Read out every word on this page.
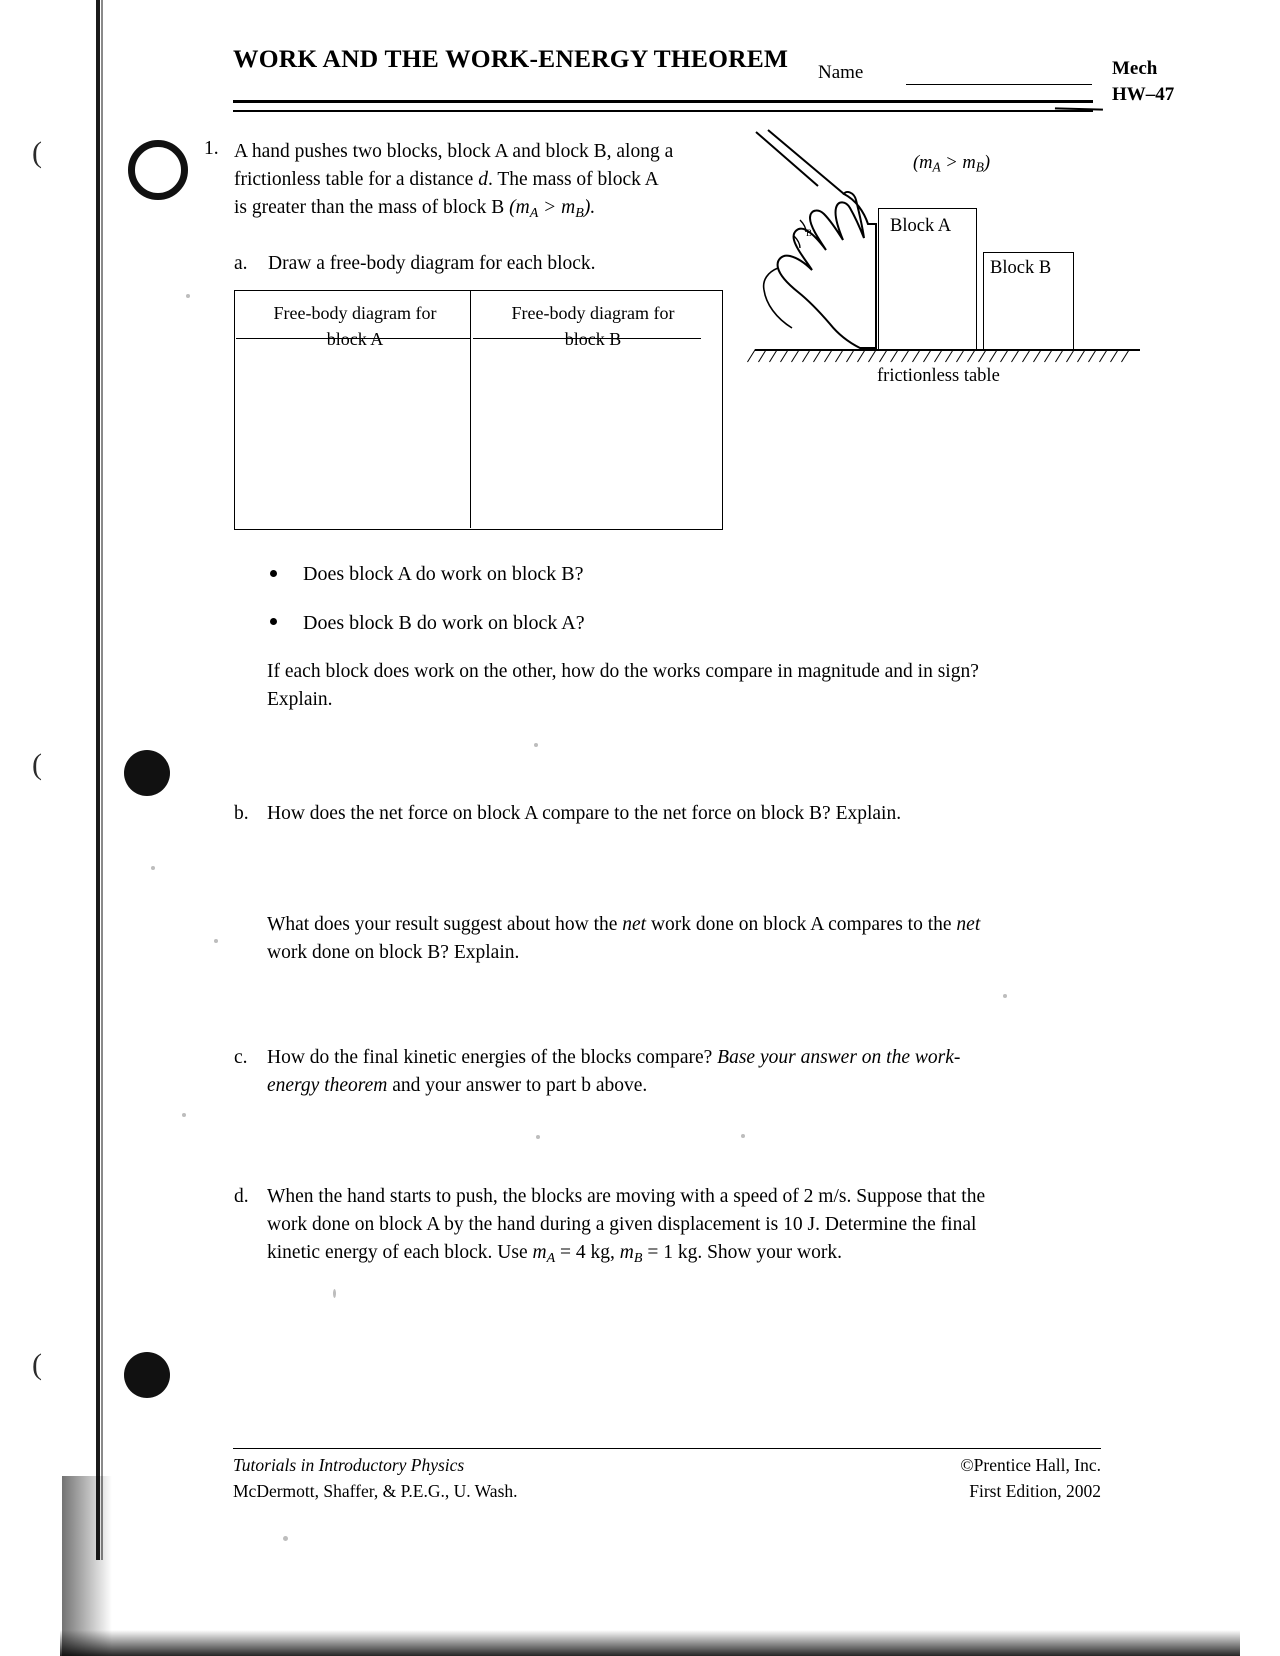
(
(
(
WORK AND THE WORK-ENERGY THEOREM Name	Mech
HW–47
1. A hand pushes two blocks, block A and block B, along a
frictionless table for a distance d. The mass of block A
is greater than the mass of block B $(m_A > m_B)$.
$(m_A > m_B)$
B	Block A
Block B
frictionless table
a. Draw a free-body diagram for each block.
Free-body diagram for
block A
Free-body diagram for
block B
Does block A do work on block B?
Does block B do work on block A?
If each block does work on the other, how do the works compare in magnitude and in sign?
Explain.
b. How does the net force on block A compare to the net force on block B? Explain.
What does your result suggest about how the net work done on block A compares to the net
work done on block B? Explain.
c. How do the final kinetic energies of the blocks compare? Base your answer on the work-
energy theorem and your answer to part b above.
d. When the hand starts to push, the blocks are moving with a speed of 2 m/s. Suppose that the
work done on block A by the hand during a given displacement is 10 J. Determine the final
kinetic energy of each block. Use $m_A = 4$ kg, $m_B = 1$ kg. Show your work.
Tutorials in Introductory Physics
McDermott, Shaffer, & P.E.G., U. Wash.
©Prentice Hall, Inc.
First Edition, 2002
